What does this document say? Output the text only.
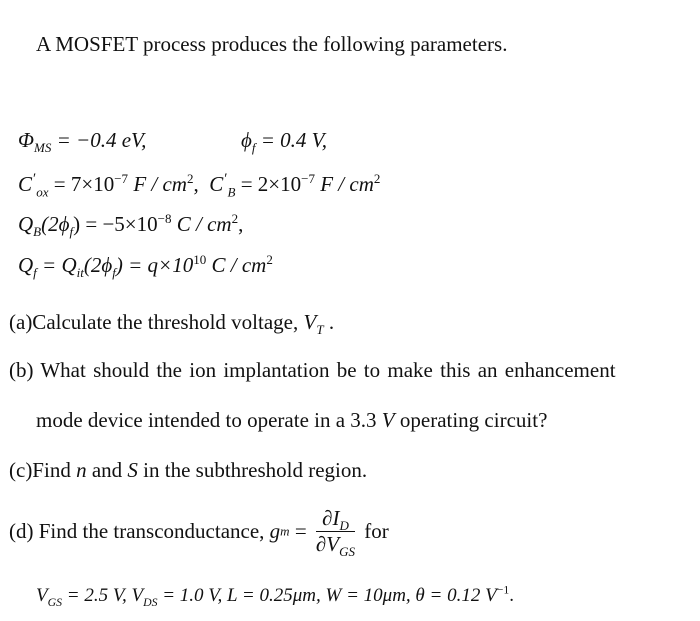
A MOSFET process produces the following parameters.
$\Phi_{MS} = -0.4$ eV,	$\phi_f = 0.4$ V,
$C'_{ox} = 7\times 10^{-7}$ F / $cm^2$,  $C'_B = 2\times 10^{-7}$ F / $cm^2$
$Q_B(2\phi_f) = -5\times 10^{-8}$ C / $cm^2$,
$Q_f = Q_{it}(2\phi_f) = q\times 10^{10}$ C / $cm^2$
(a)Calculate the threshold voltage, $V_T$ .
(b) What should the ion implantation be to make this an enhancement
mode device intended to operate in a 3.3 V operating circuit?
(c)Find n and S in the subthreshold region.
(d) Find the transconductance, gm = $\frac{\partial I_D}{\partial V_{GS}}$ for
$V_{GS} = 2.5$ V, $V_{DS} = 1.0$ V, L = 0.25μm, W = 10μm, θ = 0.12 $V^{-1}$.
